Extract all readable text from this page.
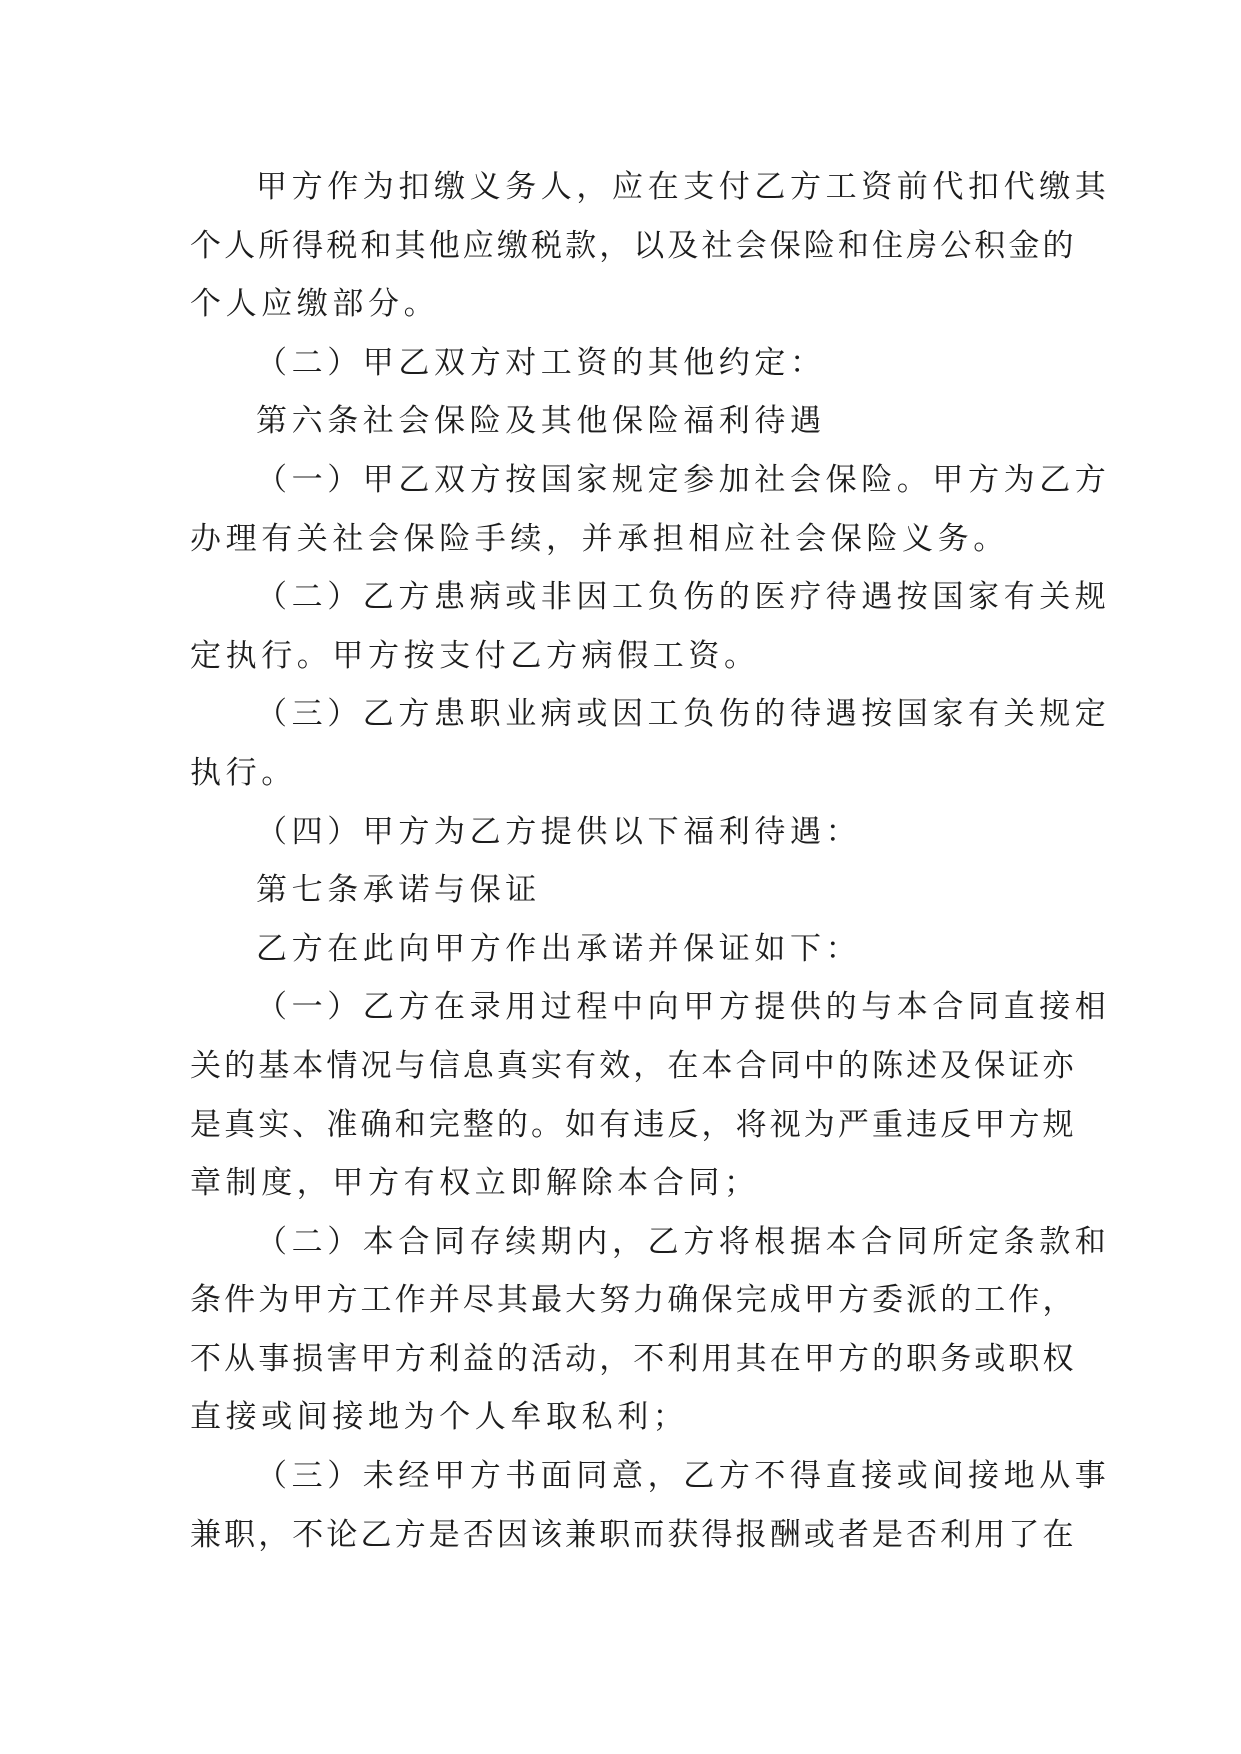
甲方作为扣缴义务人，应在支付乙方工资前代扣代缴其
个人所得税和其他应缴税款，以及社会保险和住房公积金的
个人应缴部分。
（二）甲乙双方对工资的其他约定：
第六条社会保险及其他保险福利待遇
（一）甲乙双方按国家规定参加社会保险。甲方为乙方
办理有关社会保险手续，并承担相应社会保险义务。
（二）乙方患病或非因工负伤的医疗待遇按国家有关规
定执行。甲方按支付乙方病假工资。
（三）乙方患职业病或因工负伤的待遇按国家有关规定
执行。
（四）甲方为乙方提供以下福利待遇：
第七条承诺与保证
乙方在此向甲方作出承诺并保证如下：
（一）乙方在录用过程中向甲方提供的与本合同直接相
关的基本情况与信息真实有效，在本合同中的陈述及保证亦
是真实、准确和完整的。如有违反，将视为严重违反甲方规
章制度，甲方有权立即解除本合同；
（二）本合同存续期内，乙方将根据本合同所定条款和
条件为甲方工作并尽其最大努力确保完成甲方委派的工作，
不从事损害甲方利益的活动，不利用其在甲方的职务或职权
直接或间接地为个人牟取私利；
（三）未经甲方书面同意，乙方不得直接或间接地从事
兼职，不论乙方是否因该兼职而获得报酬或者是否利用了在
